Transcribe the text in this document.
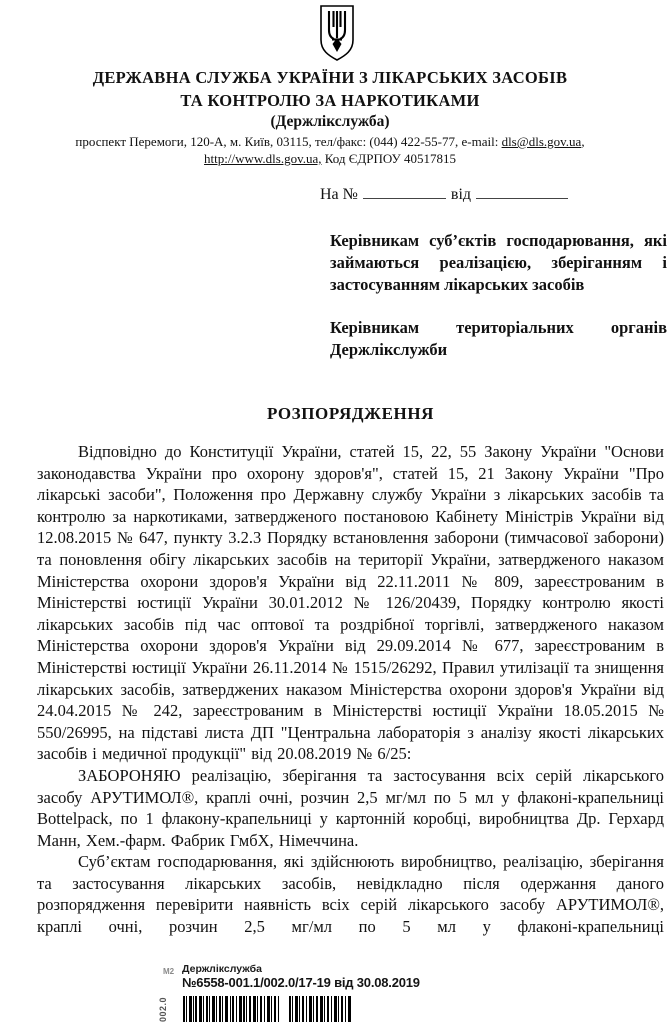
ДЕРЖАВНА СЛУЖБА УКРАЇНИ З ЛІКАРСЬКИХ ЗАСОБІВ
ТА КОНТРОЛЮ ЗА НАРКОТИКАМИ
(Держлікслужба)
проспект Перемоги, 120-А, м. Київ, 03115, тел/факс: (044) 422-55-77, e-mail: dls@dls.gov.ua,
http://www.dls.gov.ua, Код ЄДРПОУ 40517815
На №	від

Керівникам суб’єктів господарювання, які займаються реалізацією, зберіганням і застосуванням лікарських засобів

Керівникам територіальних органів Держлікслужби

РОЗПОРЯДЖЕННЯ

Відповідно до Конституції України, статей 15, 22, 55 Закону України "Основи законодавства України про охорону здоров'я", статей 15, 21 Закону України "Про лікарські засоби", Положення про Державну службу України з лікарських засобів та контролю за наркотиками, затвердженого постановою Кабінету Міністрів України від 12.08.2015 № 647, пункту 3.2.3 Порядку встановлення заборони (тимчасової заборони) та поновлення обігу лікарських засобів на території України, затвердженого наказом Міністерства охорони здоров'я України від 22.11.2011 № 809, зареєстрованим в Міністерстві юстиції України 30.01.2012 № 126/20439, Порядку контролю якості лікарських засобів під час оптової та роздрібної торгівлі, затвердженого наказом Міністерства охорони здоров'я України від 29.09.2014 № 677, зареєстрованим в Міністерстві юстиції України 26.11.2014 № 1515/26292, Правил утилізації та знищення лікарських засобів, затверджених наказом Міністерства охорони здоров'я України від 24.04.2015 № 242, зареєстрованим в Міністерстві юстиції України 18.05.2015 № 550/26995, на підставі листа ДП "Центральна лабораторія з аналізу якості лікарських засобів і медичної продукції" від 20.08.2019 № 6/25:

ЗАБОРОНЯЮ реалізацію, зберігання та застосування всіх серій лікарського засобу АРУТИМОЛ®, краплі очні, розчин 2,5 мг/мл по 5 мл у флаконі-крапельниці Bottelpack, по 1 флакону-крапельниці у картонній коробці, виробництва Др. Герхард Манн, Хем.-фарм. Фабрик ГмбХ, Німеччина.

Суб’єктам господарювання, які здійснюють виробництво, реалізацію, зберігання та застосування лікарських засобів, невідкладно після одержання даного розпорядження перевірити наявність всіх серій лікарського засобу АРУТИМОЛ®, краплі очні, розчин 2,5 мг/мл по 5 мл у флаконі-крапельниці

М2 Держлікслужба
№6558-001.1/002.0/17-19 від 30.08.2019
002.0
